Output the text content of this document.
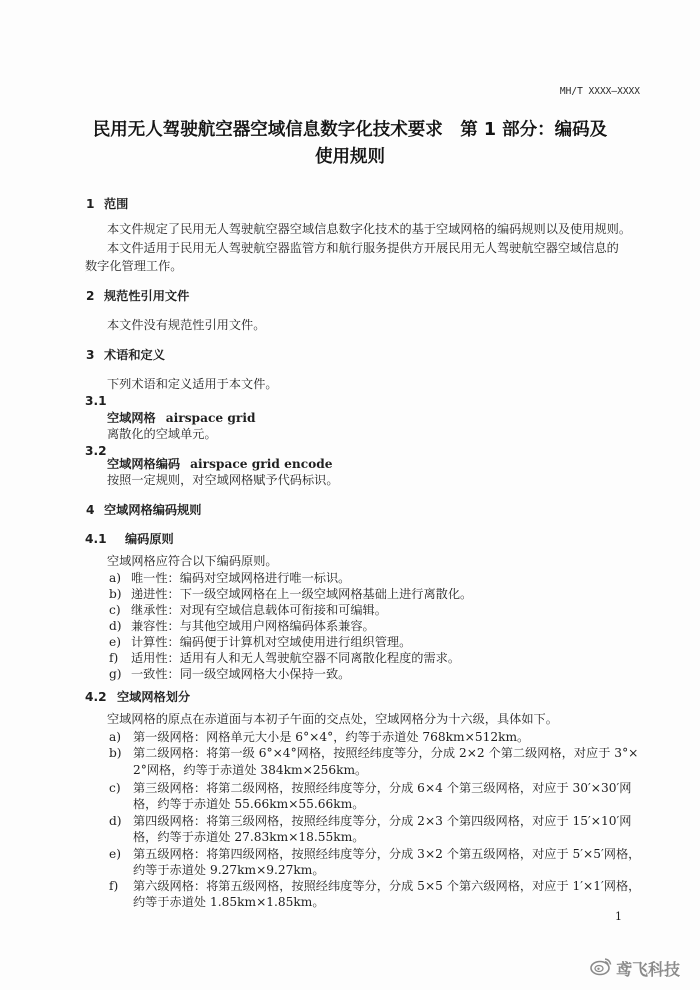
MH/T XXXX—XXXX
民用无人驾驶航空器空域信息数字化技术要求　第 1 部分：编码及
使用规则
1 范围
本文件规定了民用无人驾驶航空器空域信息数字化技术的基于空域网格的编码规则以及使用规则。
本文件适用于民用无人驾驶航空器监管方和航行服务提供方开展民用无人驾驶航空器空域信息的
数字化管理工作。
2 规范性引用文件
本文件没有规范性引用文件。
3 术语和定义
下列术语和定义适用于本文件。
3.1
空域网格 airspace grid
离散化的空域单元。
3.2
空域网格编码 airspace grid encode
按照一定规则，对空域网格赋予代码标识。
4 空域网格编码规则
4.1 编码原则
空域网格应符合以下编码原则。
a) 唯一性：编码对空域网格进行唯一标识。
b) 递进性：下一级空域网格在上一级空域网格基础上进行离散化。
c) 继承性：对现有空域信息载体可衔接和可编辑。
d) 兼容性：与其他空域用户网格编码体系兼容。
e) 计算性：编码便于计算机对空域使用进行组织管理。
f) 适用性：适用有人和无人驾驶航空器不同离散化程度的需求。
g) 一致性：同一级空域网格大小保持一致。
4.2 空域网格划分
空域网格的原点在赤道面与本初子午面的交点处，空域网格分为十六级，具体如下。
a) 第一级网格：网格单元大小是 6°×4°，约等于赤道处 768km×512km。
b) 第二级网格：将第一级 6°×4°网格，按照经纬度等分，分成 2×2 个第二级网格，对应于 3°×
2°网格，约等于赤道处 384km×256km。
c) 第三级网格：将第二级网格，按照经纬度等分，分成 6×4 个第三级网格，对应于 30′×30′网
格，约等于赤道处 55.66km×55.66km。
d) 第四级网格：将第三级网格，按照经纬度等分，分成 2×3 个第四级网格，对应于 15′×10′网
格，约等于赤道处 27.83km×18.55km。
e) 第五级网格：将第四级网格，按照经纬度等分，分成 3×2 个第五级网格，对应于 5′×5′网格，
约等于赤道处 9.27km×9.27km。
f) 第六级网格：将第五级网格，按照经纬度等分，分成 5×5 个第六级网格，对应于 1′×1′网格，
约等于赤道处 1.85km×1.85km。
1
鸢飞科技
